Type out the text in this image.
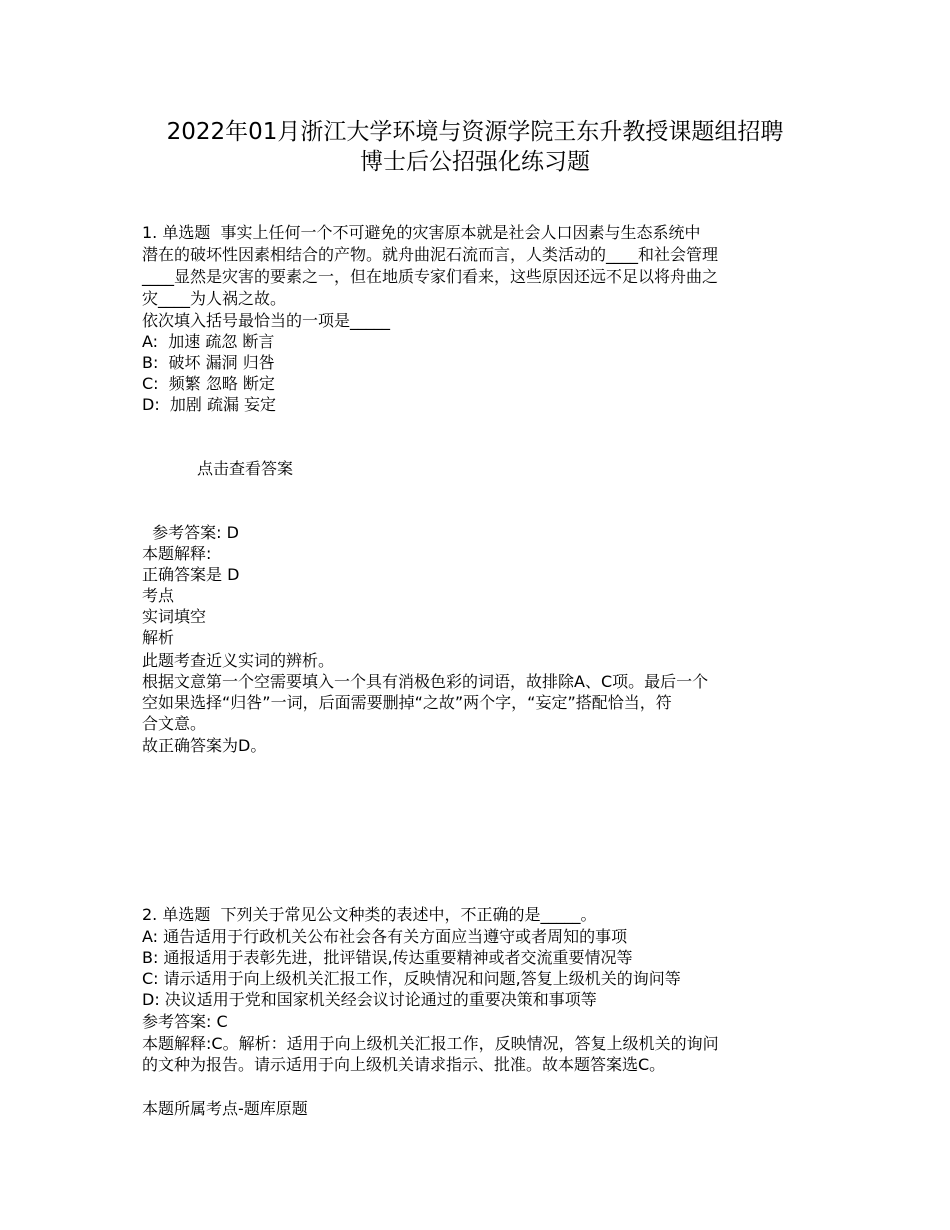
2022年01月浙江大学环境与资源学院王东升教授课题组招聘
博士后公招强化练习题
1. 单选题  事实上任何一个不可避免的灾害原本就是社会人口因素与生态系统中
潜在的破坏性因素相结合的产物。就舟曲泥石流而言，人类活动的____和社会管理
____显然是灾害的要素之一，但在地质专家们看来，这些原因还远不足以将舟曲之
灾____为人祸之故。
依次填入括号最恰当的一项是_____
A:  加速 疏忽 断言
B:  破坏 漏洞 归咎
C:  频繁 忽略 断定
D:  加剧 疏漏 妄定
点击查看答案
参考答案: D
本题解释:
正确答案是 D
考点
实词填空
解析
此题考查近义实词的辨析。
根据文意第一个空需要填入一个具有消极色彩的词语，故排除A、C项。最后一个
空如果选择“归咎”一词，后面需要删掉“之故”两个字，“妄定”搭配恰当，符
合文意。
故正确答案为D。
2. 单选题  下列关于常见公文种类的表述中，不正确的是_____。
A: 通告适用于行政机关公布社会各有关方面应当遵守或者周知的事项
B: 通报适用于表彰先进，批评错误,传达重要精神或者交流重要情况等
C: 请示适用于向上级机关汇报工作，反映情况和问题,答复上级机关的询问等
D: 决议适用于党和国家机关经会议讨论通过的重要决策和事项等
参考答案: C
本题解释:C。解析：适用于向上级机关汇报工作，反映情况，答复上级机关的询问
的文种为报告。请示适用于向上级机关请求指示、批准。故本题答案选C。
本题所属考点-题库原题
